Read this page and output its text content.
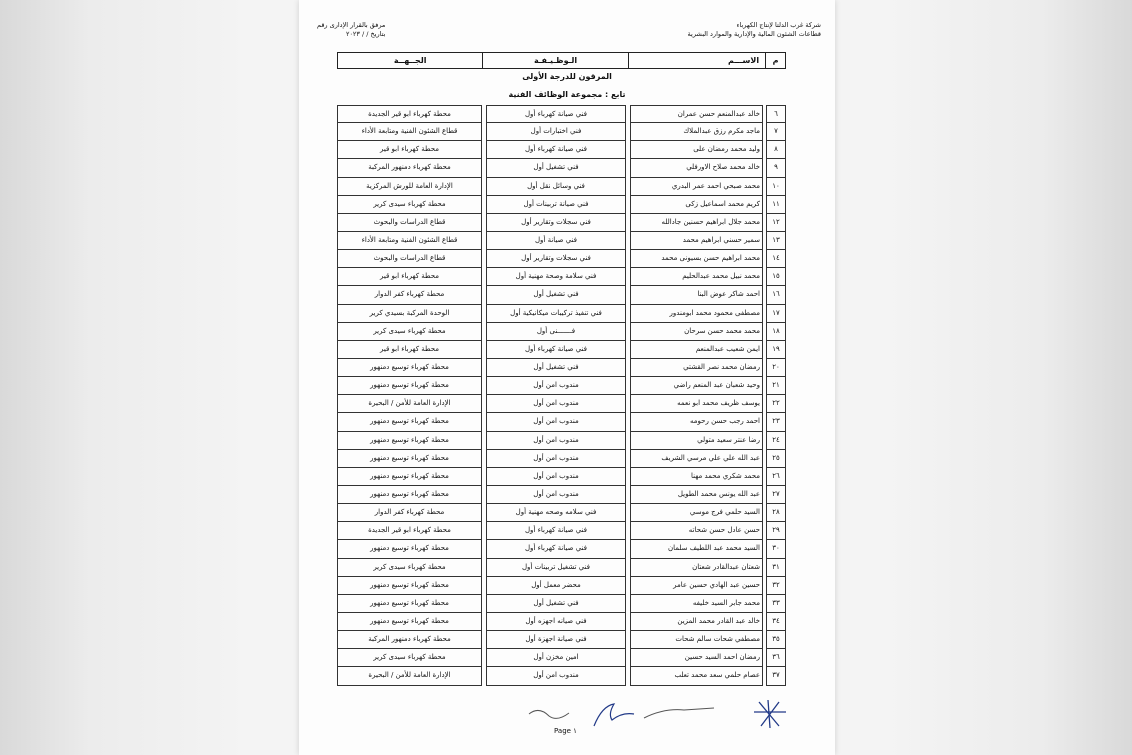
شركة غرب الدلتا لإنتاج الكهرباء
قطاعات الشئون المالية والإدارية والموارد البشرية
مرفق بالقرار الإدارى رقم
بتاريخ / / ٢٠٢٣
م
الاســـم
الـوظـيـفـة
الجــهــة
المرقون للدرجة الأولى
تابع : مجموعة الوظائف الفنية
٦
خالد عبدالمنعم حسن عمران
فني صيانة كهرباء أول
محطة كهرباء ابو قير الجديدة
٧
ماجد مكرم رزق عبدالملاك
فني اختبارات أول
قطاع الشئون الفنية ومتابعة الأداء
٨
وليد محمد رمضان على
فني صيانة كهرباء أول
محطة كهرباء ابو قير
٩
خالد محمد صلاح الاورفلي
فني تشغيل أول
محطة كهرباء دمنهور المركبة
١٠
محمد صبحي احمد عمر البدري
فني وسائل نقل أول
الإدارة العامة للورش المركزية
١١
كريم محمد اسماعيل زكى
فني صيانة تربينات أول
محطة كهرباء سيدى كرير
١٢
محمد جلال ابراهيم حسنين جادالله
فني سجلات وتقارير أول
قطاع الدراسات والبحوث
١٣
سمير حسني ابراهيم محمد
فني صيانة أول
قطاع الشئون الفنية ومتابعة الأداء
١٤
محمد ابراهيم حسن بسيونى محمد
فني سجلات وتقارير أول
قطاع الدراسات والبحوث
١٥
محمد نبيل محمد عبدالحليم
فني سلامة وصحة مهنية أول
محطة كهرباء ابو قير
١٦
احمد شاكر عوض البنا
فني تشغيل أول
محطة كهرباء كفر الدوار
١٧
مصطفى محمود محمد ابومندور
فني تنفيذ تركيبات ميكانيكية أول
الوحدة المركبة بسيدي كرير
١٨
محمد محمد حسن سرحان
فـــــــنى أول
محطة كهرباء سيدى كرير
١٩
ايمن شعيب عبدالمنعم
فني صيانة كهرباء أول
محطة كهرباء ابو قير
٢٠
رمضان محمد نصر القشتي
فني تشغيل أول
محطة كهرباء توسيع دمنهور
٢١
وحيد شعبان عبد المنعم راضي
مندوب امن أول
محطة كهرباء توسيع دمنهور
٢٢
يوسف ظريف محمد ابو نعمه
مندوب امن أول
الإدارة العامة للأمن / البحيرة
٢٣
احمد رجب حسن رحومه
مندوب امن أول
محطة كهرباء توسيع دمنهور
٢٤
رضا عنتر سعيد متولي
مندوب امن أول
محطة كهرباء توسيع دمنهور
٢٥
عبد الله علي علي مرسي الشريف
مندوب امن أول
محطة كهرباء توسيع دمنهور
٢٦
محمد شكري محمد مهنا
مندوب امن أول
محطة كهرباء توسيع دمنهور
٢٧
عبد الله يونس محمد الطويل
مندوب امن أول
محطة كهرباء توسيع دمنهور
٢٨
السيد حلمي فرج موسي
فني سلامه وصحه مهنية أول
محطة كهرباء كفر الدوار
٢٩
حسن عادل حسن شحاته
فني صيانة كهرباء أول
محطة كهرباء ابو قير الجديدة
٣٠
السيد محمد عبد اللطيف سلمان
فني صيانة كهرباء أول
محطة كهرباء توسيع دمنهور
٣١
شعتان عبدالقادر شعتان
فني تشغيل تربينات أول
محطة كهرباء سيدى كرير
٣٢
حسين عبد الهادي حسين عامر
محضر معمل أول
محطة كهرباء توسيع دمنهور
٣٣
محمد جابر السيد خليفه
فني تشغيل أول
محطة كهرباء توسيع دمنهور
٣٤
خالد عبد القادر محمد المزين
فني صيانه اجهزه أول
محطة كهرباء توسيع دمنهور
٣٥
مصطفي شحات سالم شحات
فني صيانة اجهزة أول
محطة كهرباء دمنهور المركبة
٣٦
رمضان احمد السيد حسين
امين مخزن أول
محطة كهرباء سيدى كرير
٣٧
عصام حلمي سعد محمد تعلب
مندوب امن أول
الإدارة العامة للأمن / البحيرة
Page ١
